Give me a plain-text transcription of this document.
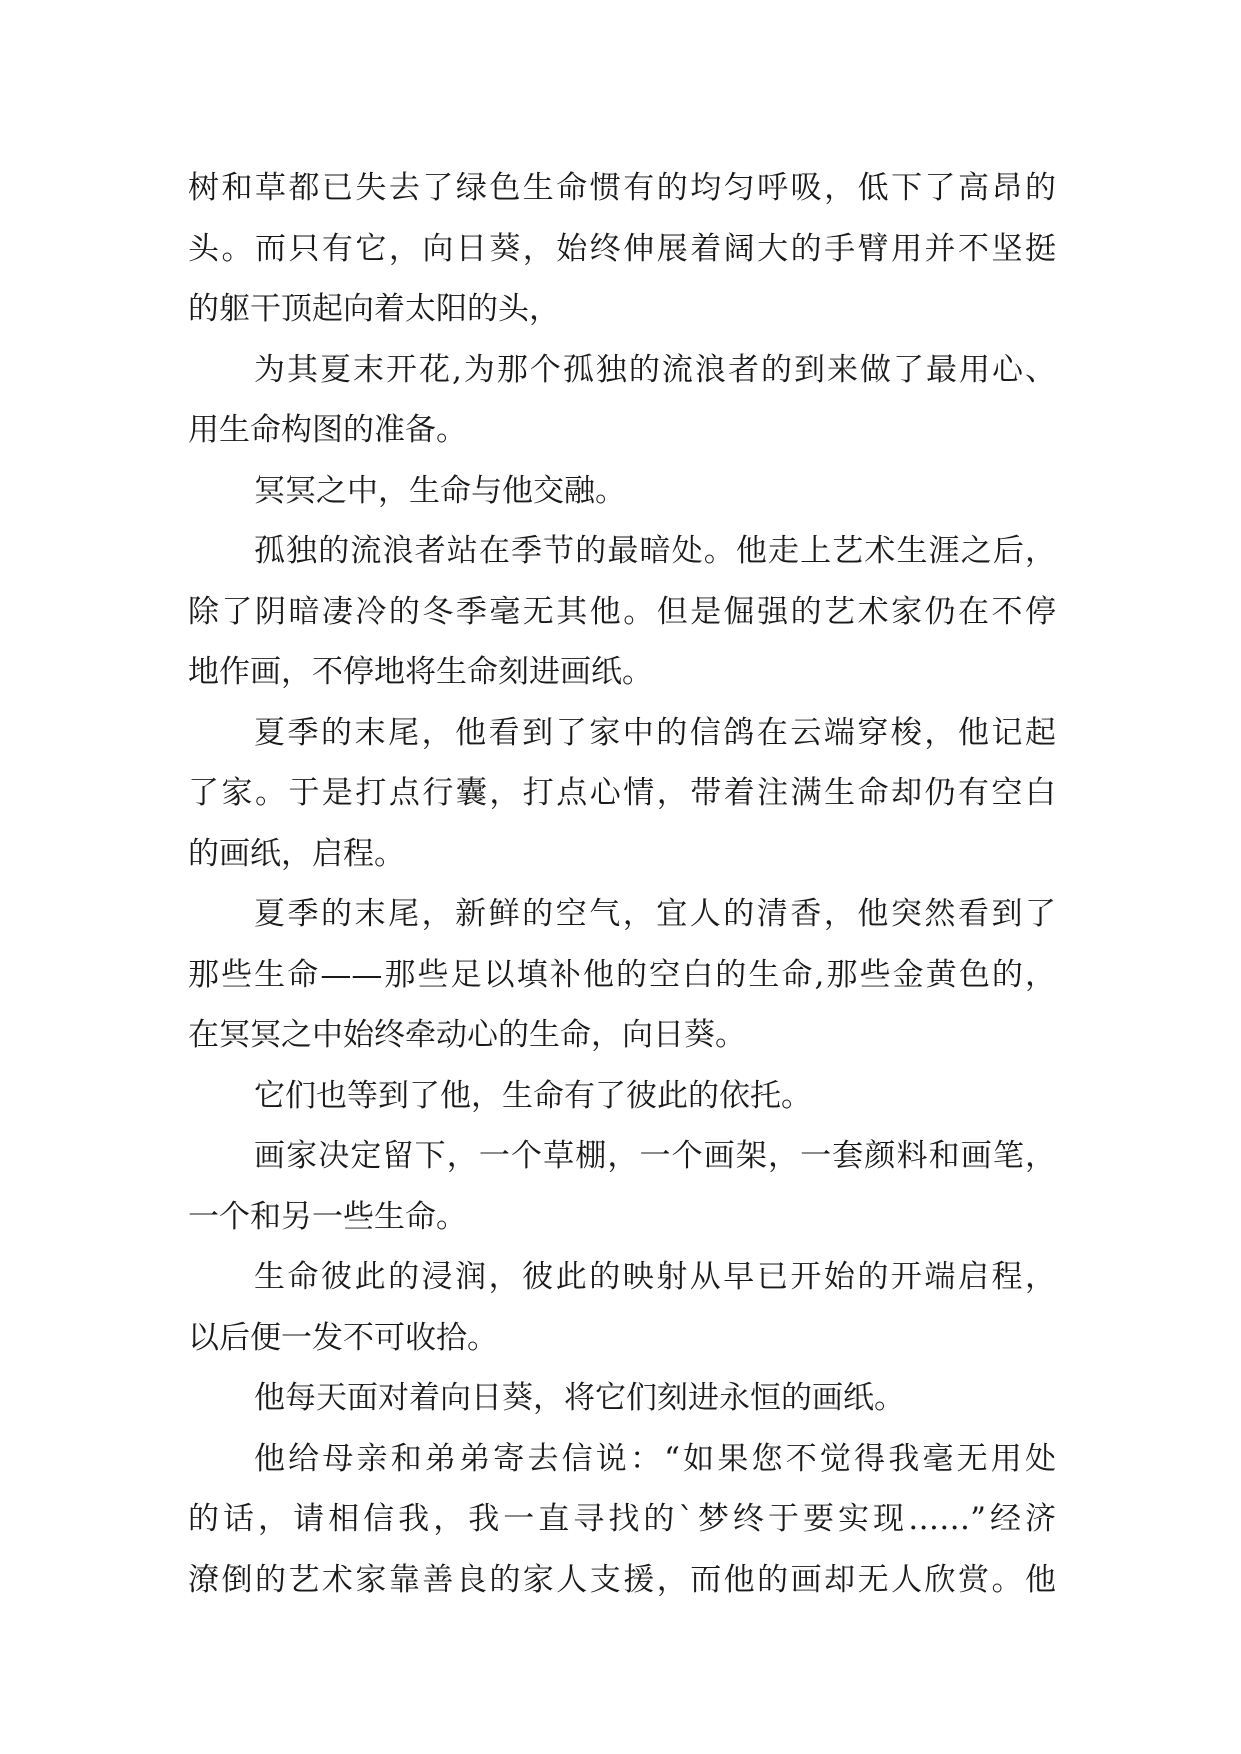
树和草都已失去了绿色生命惯有的均匀呼吸，低下了高昂的
头。而只有它，向日葵，始终伸展着阔大的手臂用并不坚挺
的躯干顶起向着太阳的头，
为其夏末开花,为那个孤独的流浪者的到来做了最用心、
用生命构图的准备。
冥冥之中，生命与他交融。
孤独的流浪者站在季节的最暗处。他走上艺术生涯之后，
除了阴暗凄冷的冬季毫无其他。但是倔强的艺术家仍在不停
地作画，不停地将生命刻进画纸。
夏季的末尾，他看到了家中的信鸽在云端穿梭，他记起
了家。于是打点行囊，打点心情，带着注满生命却仍有空白
的画纸，启程。
夏季的末尾，新鲜的空气，宜人的清香，他突然看到了
那些生命——那些足以填补他的空白的生命,那些金黄色的，
在冥冥之中始终牵动心的生命，向日葵。
它们也等到了他，生命有了彼此的依托。
画家决定留下，一个草棚，一个画架，一套颜料和画笔，
一个和另一些生命。
生命彼此的浸润，彼此的映射从早已开始的开端启程，
以后便一发不可收拾。
他每天面对着向日葵，将它们刻进永恒的画纸。
他给母亲和弟弟寄去信说：“如果您不觉得我毫无用处
的话，请相信我，我一直寻找的`梦终于要实现……”经济
潦倒的艺术家靠善良的家人支援，而他的画却无人欣赏。他
